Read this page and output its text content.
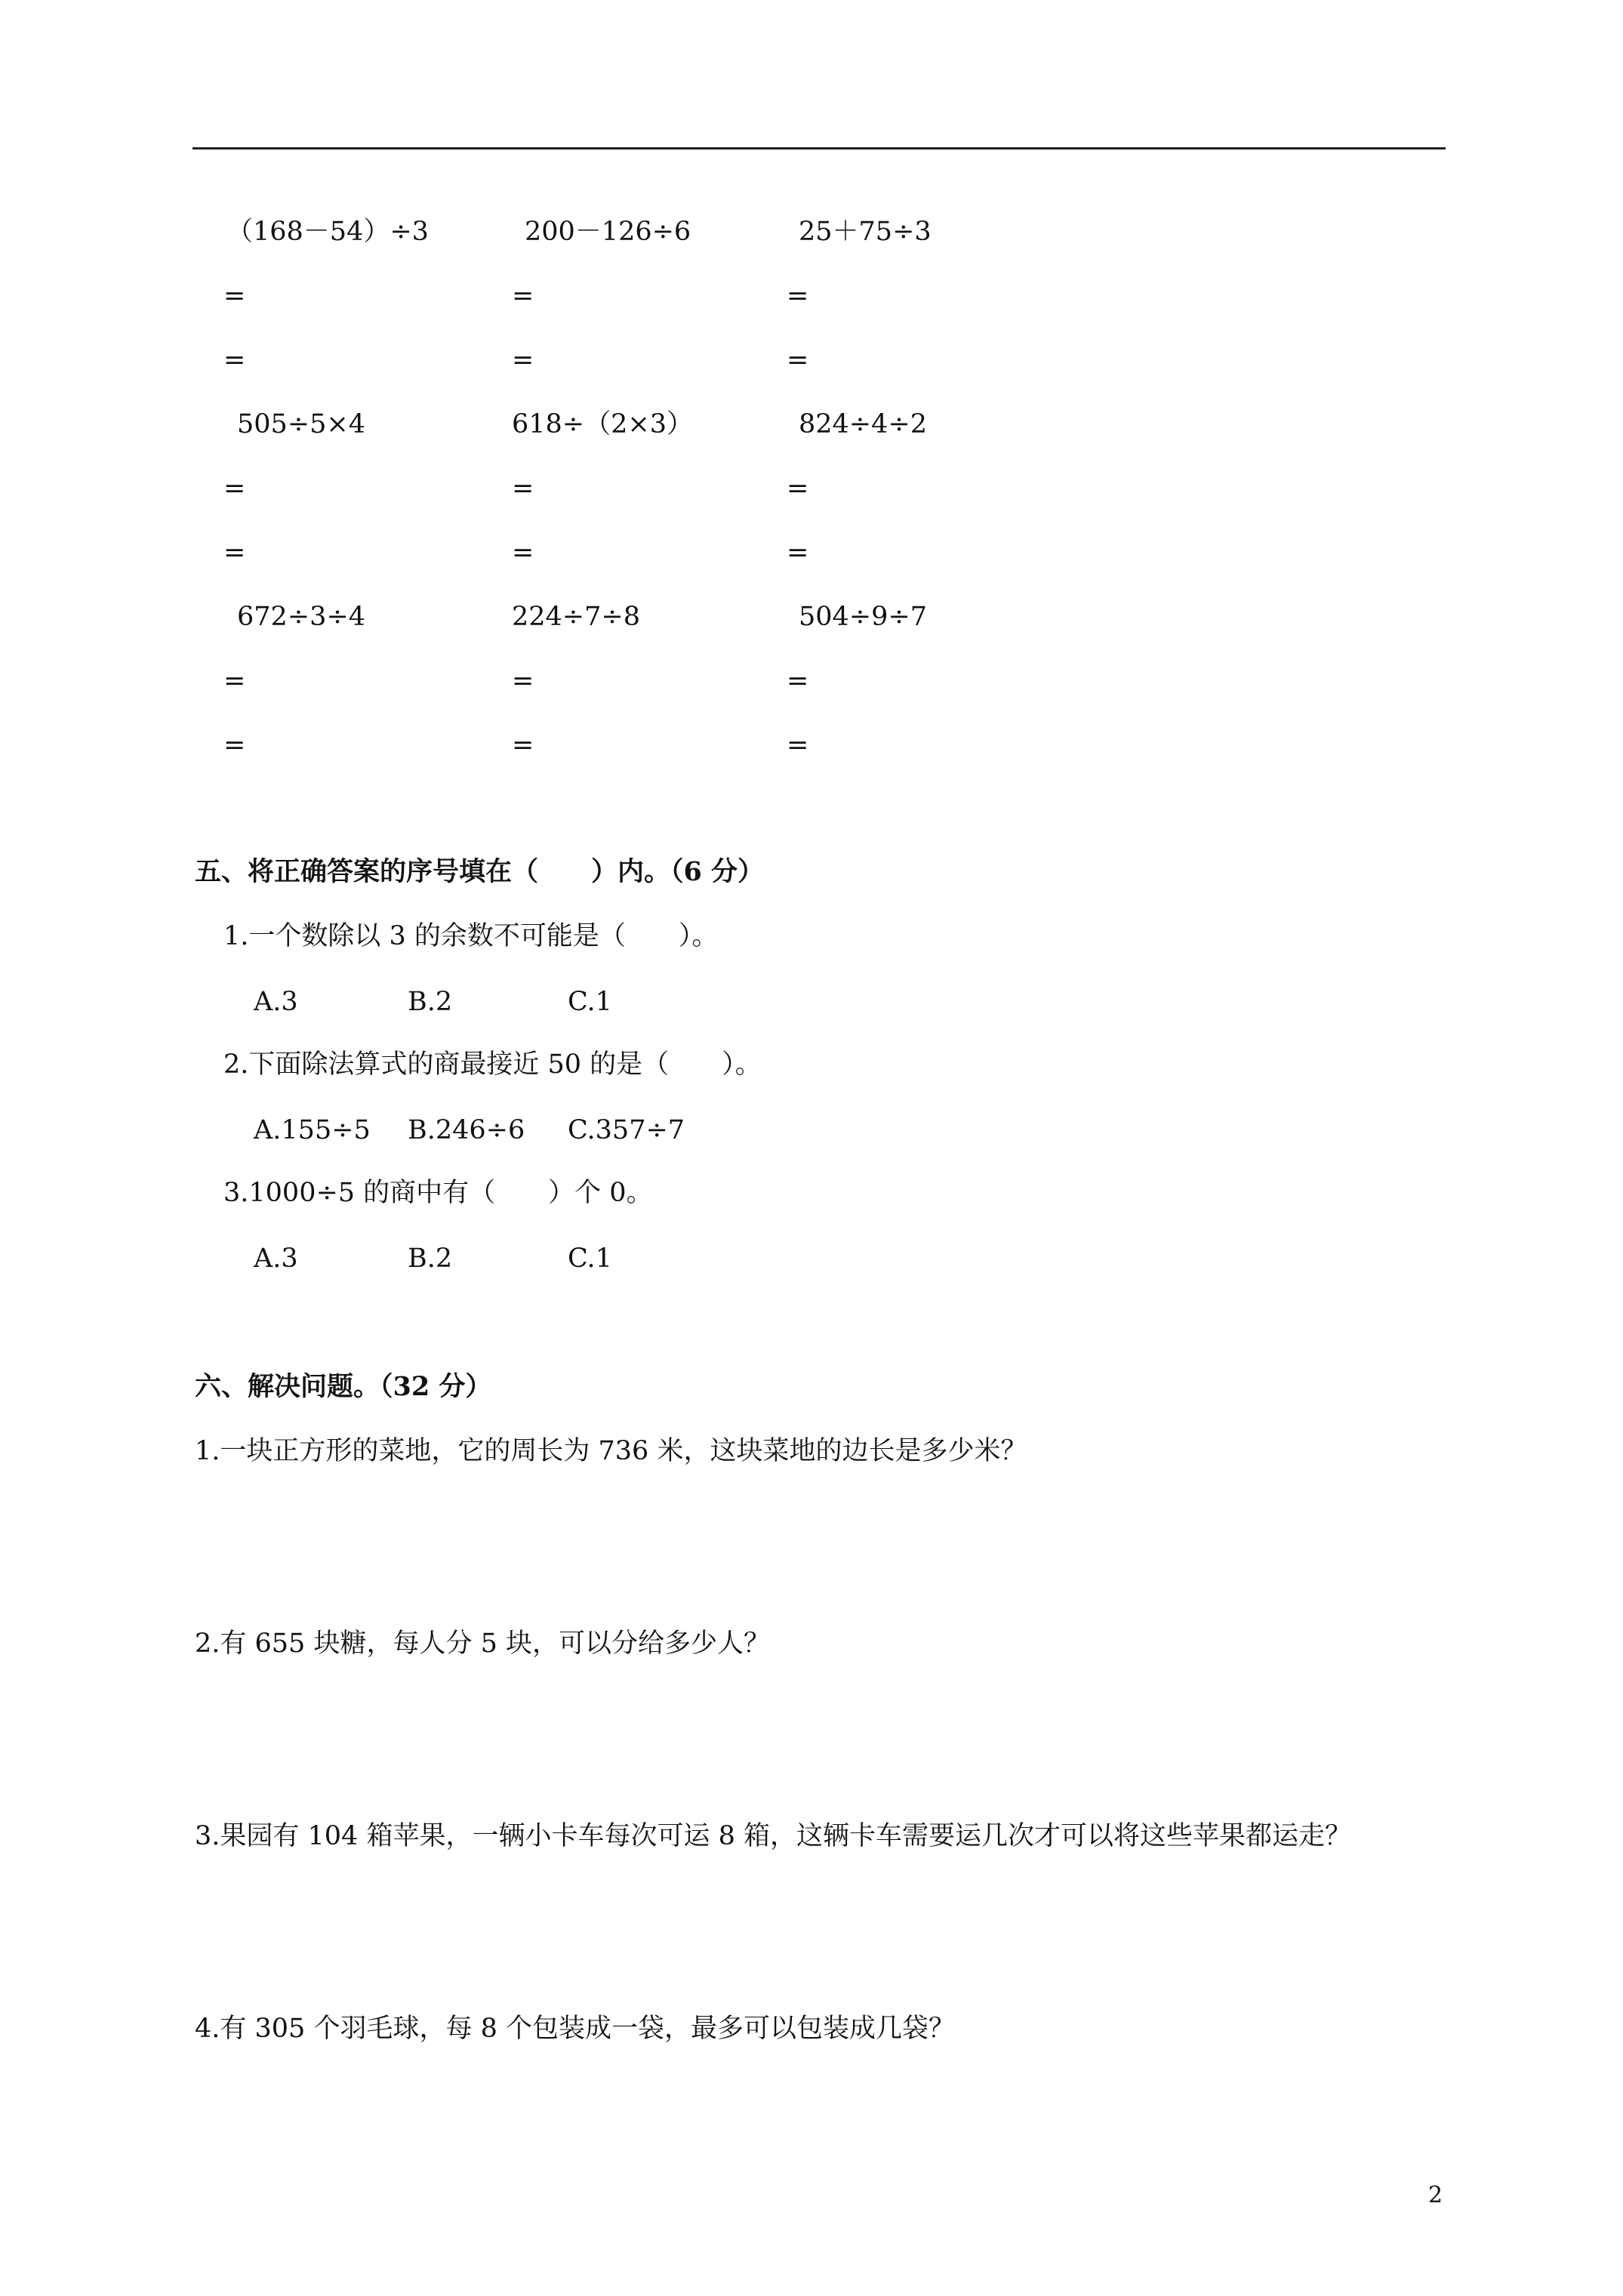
（168－54）÷3	200－126÷6	25＋75÷3
=	=	=
=	=	=
505÷5×4	618÷（2×3）	824÷4÷2
=	=	=
=	=	=
672÷3÷4	224÷7÷8	504÷9÷7
=	=	=
=	=	=
五、将正确答案的序号填在（　　）内。（6 分）
1.一个数除以 3 的余数不可能是（　　）。
A.3	B.2	C.1
2.下面除法算式的商最接近 50 的是（　　）。
A.155÷5 B.246÷6 C.357÷7
3.1000÷5 的商中有（　　）个 0。
A.3	B.2	C.1
六、解决问题。（32 分）
1.一块正方形的菜地，它的周长为 736 米，这块菜地的边长是多少米？
2.有 655 块糖，每人分 5 块，可以分给多少人？
3.果园有 104 箱苹果，一辆小卡车每次可运 8 箱，这辆卡车需要运几次才可以将这些苹果都运走？
4.有 305 个羽毛球，每 8 个包装成一袋，最多可以包装成几袋？
2
